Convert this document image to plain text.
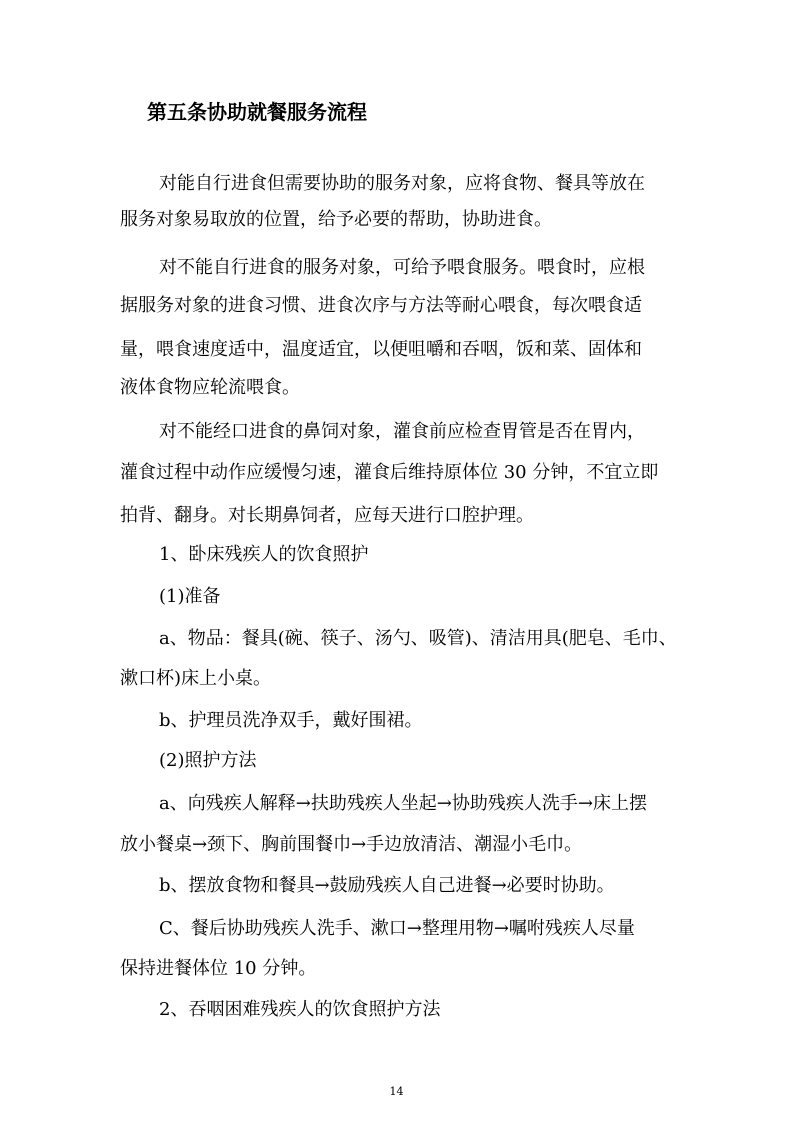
第五条协助就餐服务流程

对能自行进食但需要协助的服务对象，应将食物、餐具等放在

服务对象易取放的位置，给予必要的帮助，协助进食。

对不能自行进食的服务对象，可给予喂食服务。喂食时，应根

据服务对象的进食习惯、进食次序与方法等耐心喂食，每次喂食适

量，喂食速度适中，温度适宜，以便咀嚼和吞咽，饭和菜、固体和

液体食物应轮流喂食。

对不能经口进食的鼻饲对象，灌食前应检查胃管是否在胃内，

灌食过程中动作应缓慢匀速，灌食后维持原体位 30 分钟，不宜立即

拍背、翻身。对长期鼻饲者，应每天进行口腔护理。

1、卧床残疾人的饮食照护

(1)准备

a、物品：餐具(碗、筷子、汤勺、吸管)、清洁用具(肥皂、毛巾、

漱口杯)床上小桌。

b、护理员洗净双手，戴好围裙。

(2)照护方法

a、向残疾人解释→扶助残疾人坐起→协助残疾人洗手→床上摆

放小餐桌→颈下、胸前围餐巾→手边放清洁、潮湿小毛巾。

b、摆放食物和餐具→鼓励残疾人自己进餐→必要时协助。

C、餐后协助残疾人洗手、漱口→整理用物→嘱咐残疾人尽量

保持进餐体位 10 分钟。

2、吞咽困难残疾人的饮食照护方法

14
